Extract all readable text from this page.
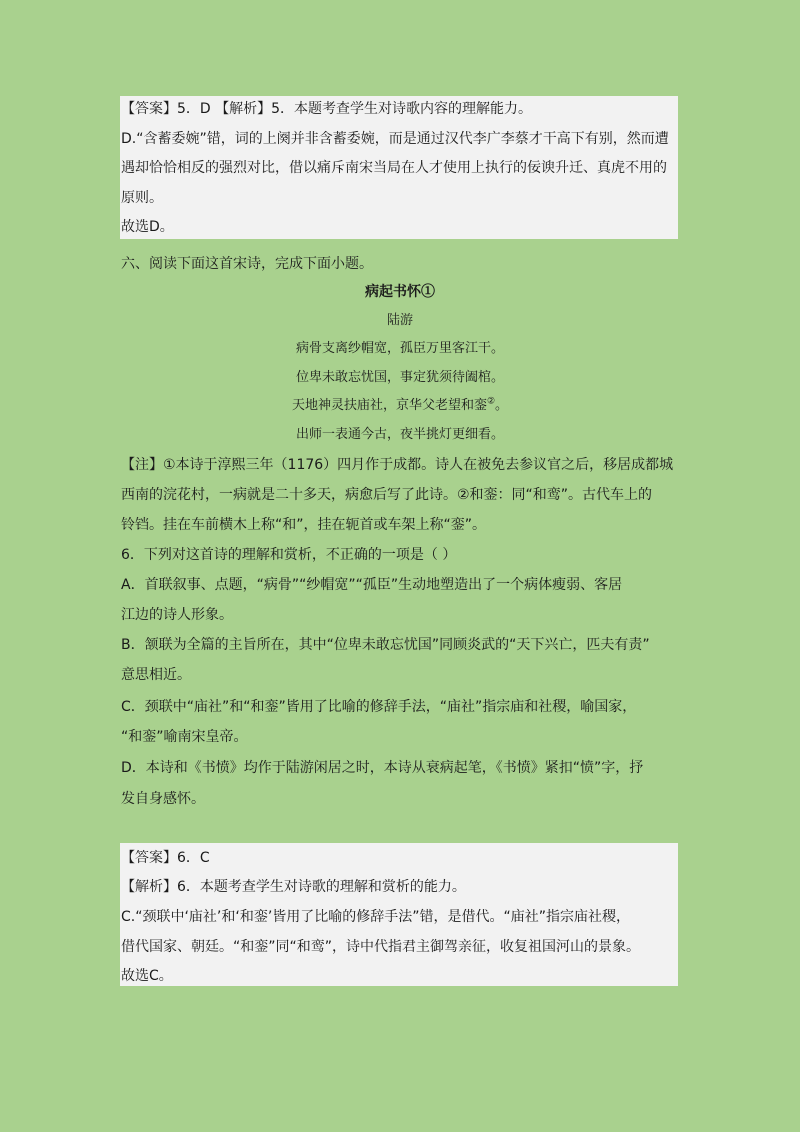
【答案】5．D 【解析】5．本题考查学生对诗歌内容的理解能力。
D.“含蓄委婉”错，词的上阕并非含蓄委婉，而是通过汉代李广李蔡才干高下有别，然而遭
遇却恰恰相反的强烈对比，借以痛斥南宋当局在人才使用上执行的佞谀升迁、真虎不用的
原则。
故选D。
六、阅读下面这首宋诗，完成下面小题。
病起书怀①
陆游
病骨支离纱帽宽，孤臣万里客江干。
位卑未敢忘忧国，事定犹须待阖棺。
天地神灵扶庙社，京华父老望和銮②。
出师一表通今古，夜半挑灯更细看。
【注】①本诗于淳熙三年（1176）四月作于成都。诗人在被免去参议官之后，移居成都城
西南的浣花村，一病就是二十多天，病愈后写了此诗。②和銮：同“和鸾”。古代车上的
铃铛。挂在车前横木上称“和”，挂在轭首或车架上称“銮”。
6．下列对这首诗的理解和赏析，不正确的一项是（ ）
A．首联叙事、点题，“病骨”“纱帽宽”“孤臣”生动地塑造出了一个病体瘦弱、客居
江边的诗人形象。
B．颔联为全篇的主旨所在，其中“位卑未敢忘忧国”同顾炎武的“天下兴亡，匹夫有责”
意思相近。
C．颈联中“庙社”和“和銮”皆用了比喻的修辞手法，“庙社”指宗庙和社稷，喻国家，
“和銮”喻南宋皇帝。
D．本诗和《书愤》均作于陆游闲居之时，本诗从衰病起笔，《书愤》紧扣“愤”字，抒
发自身感怀。
【答案】6．C
【解析】6．本题考查学生对诗歌的理解和赏析的能力。
C.“颈联中‘庙社’和‘和銮’皆用了比喻的修辞手法”错，是借代。“庙社”指宗庙社稷，
借代国家、朝廷。“和銮”同“和鸾”，诗中代指君主御驾亲征，收复祖国河山的景象。
故选C。
